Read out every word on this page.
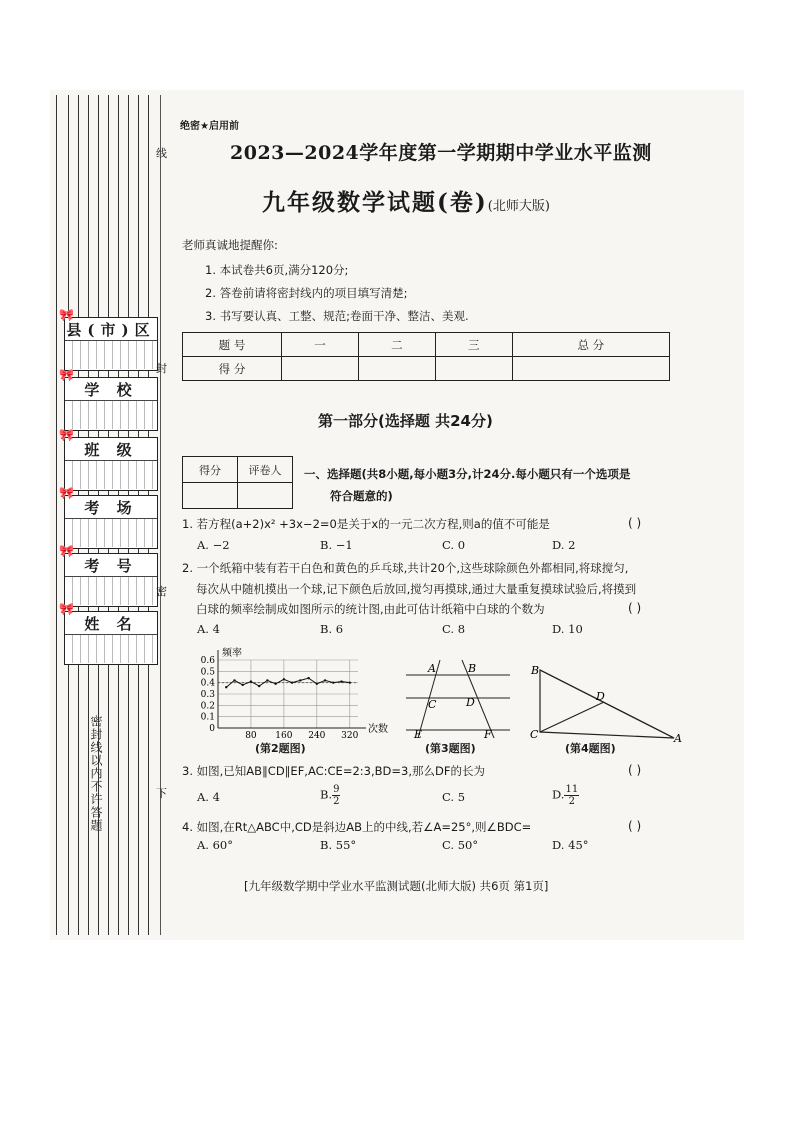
🎀
县(市)区
🎀
学 校
🎀
班 级
🎀
考 场
🎀
考 号
🎀
姓 名
线
封
密
下
密封线以内不许答题
绝密★启用前
2023—2024学年度第一学期期中学业水平监测
九年级数学试题(卷)(北师大版)
老师真诚地提醒你:
1. 本试卷共6页,满分120分;
2. 答卷前请将密封线内的项目填写清楚;
3. 书写要认真、工整、规范;卷面干净、整洁、美观.
题 号	一	二	三	总 分
得 分				
第一部分(选择题 共24分)
得分	评卷人
	一、选择题(共8小题,每小题3分,计24分.每小题只有一个选项是
符合题意的)
1. 若方程(a+2)x² +3x−2=0是关于x的一元二次方程,则a的值不可能是	( )
A. −2	B. −1	C. 0	D. 2
2. 一个纸箱中装有若干白色和黄色的乒乓球,共计20个,这些球除颜色外都相同,将球搅匀,
每次从中随机摸出一个球,记下颜色后放回,搅匀再摸球,通过大量重复摸球试验后,将摸到
白球的频率绘制成如图所示的统计图,由此可估计纸箱中白球的个数为	( )
A. 4	B. 6	C. 8	D. 10
0
0.1
0.2
0.3
0.4
0.5
0.6
80 160 240 320
频率
次数
(第2题图)
A	B
C	D
E	F
(第3题图)
B
D
C	A
(第4题图)
3. 如图,已知AB∥CD∥EF,AC:CE=2:3,BD=3,那么DF的长为	( )
A. 4	B. $\frac{9}{2}$	C. 5	D. $\frac{11}{2}$
4. 如图,在Rt△ABC中,CD是斜边AB上的中线,若∠A=25°,则∠BDC=	( )
A. 60°	B. 55°	C. 50°	D. 45°
[九年级数学期中学业水平监测试题(北师大版) 共6页 第1页]
